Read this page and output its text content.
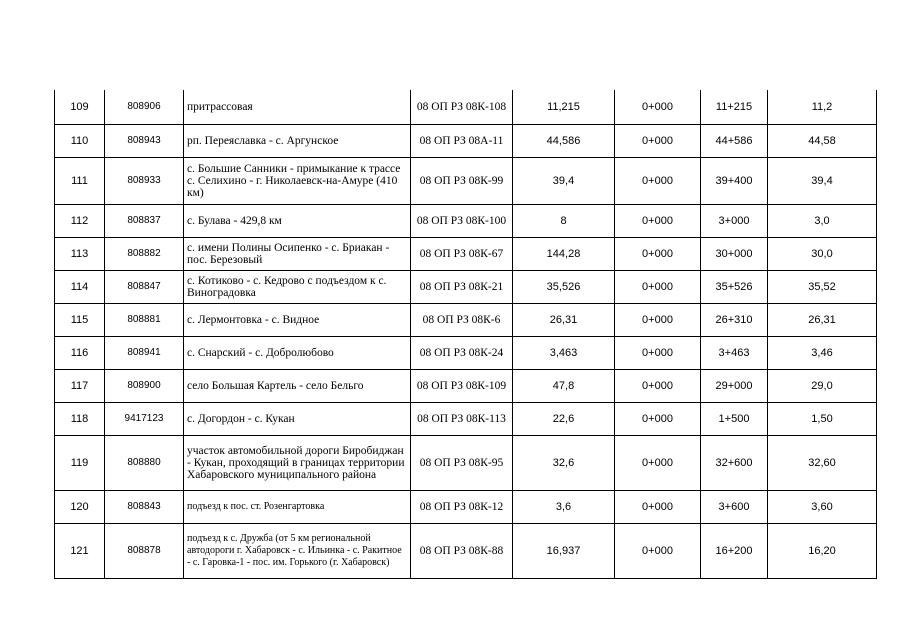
109	808906	притрассовая	08 ОП РЗ 08К-108	11,215	0+000	11+215	11,2
110	808943	рп. Переяславка - с. Аргунское	08 ОП РЗ 08А-11	44,586	0+000	44+586	44,58
111	808933	с. Большие Санники - примыкание к трассе с. Селихино - г. Николаевск-на-Амуре (410 км)	08 ОП РЗ 08К-99	39,4	0+000	39+400	39,4
112	808837	с. Булава - 429,8 км	08 ОП РЗ 08К-100	8	0+000	3+000	3,0
113	808882	с. имени Полины Осипенко - с. Бриакан - пос. Березовый	08 ОП РЗ 08К-67	144,28	0+000	30+000	30,0
114	808847	с. Котиково - с. Кедрово с подъездом к с. Виноградовка	08 ОП РЗ 08К-21	35,526	0+000	35+526	35,52
115	808881	с. Лермонтовка - с. Видное	08 ОП РЗ 08К-6	26,31	0+000	26+310	26,31
116	808941	с. Снарский - с. Добролюбово	08 ОП РЗ 08К-24	3,463	0+000	3+463	3,46
117	808900	село Большая Картель - село Бельго	08 ОП РЗ 08К-109	47,8	0+000	29+000	29,0
118	9417123	с. Догордон - с. Кукан	08 ОП РЗ 08К-113	22,6	0+000	1+500	1,50
119	808880	участок автомобильной дороги Биробиджан - Кукан, проходящий в границах территории Хабаровского муниципального района	08 ОП РЗ 08К-95	32,6	0+000	32+600	32,60
120	808843	подъезд к пос. ст. Розенгартовка	08 ОП РЗ 08К-12	3,6	0+000	3+600	3,60
121	808878	подъезд к с. Дружба (от 5 км региональной автодороги г. Хабаровск - с. Ильинка - с. Ракитное - с. Гаровка-1 - пос. им. Горького (г. Хабаровск)	08 ОП РЗ 08К-88	16,937	0+000	16+200	16,20
